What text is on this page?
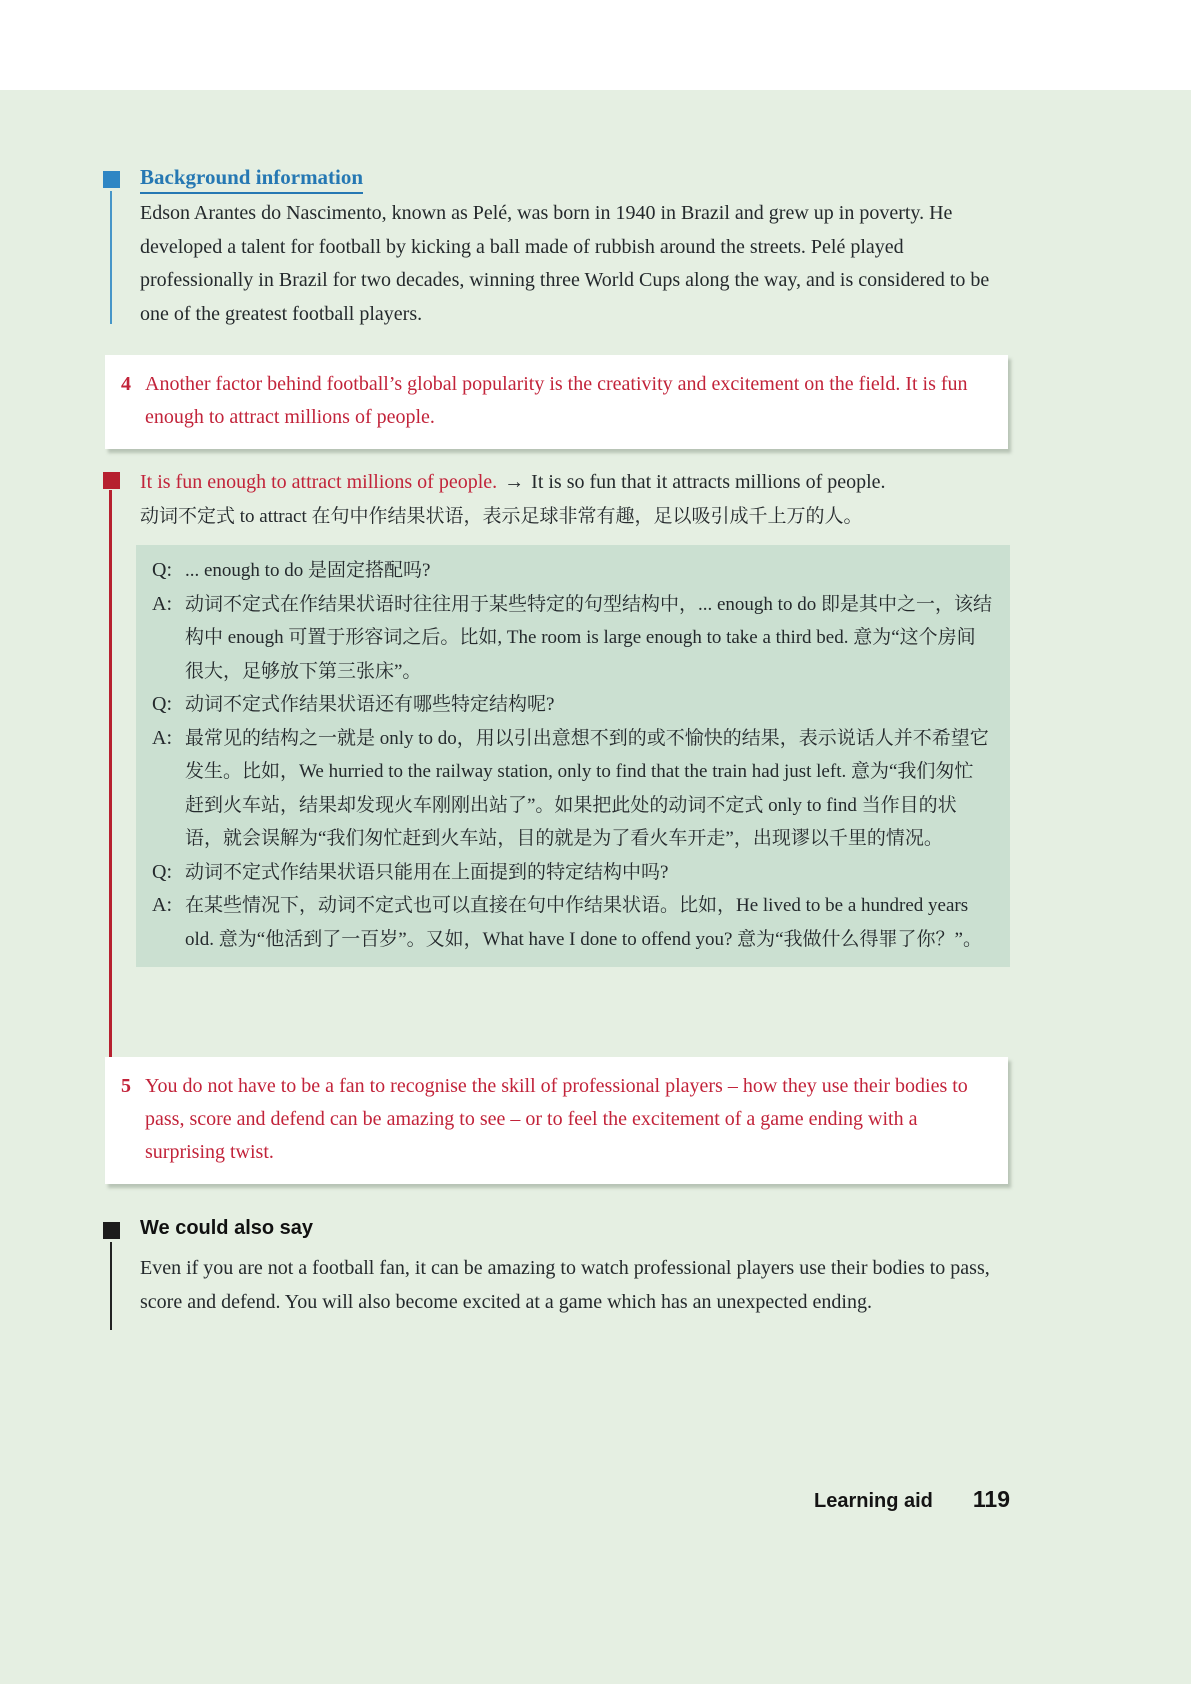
Background information
Edson Arantes do Nascimento, known as Pelé, was born in 1940 in Brazil and grew up in poverty. He developed a talent for football by kicking a ball made of rubbish around the streets. Pelé played professionally in Brazil for two decades, winning three World Cups along the way, and is considered to be one of the greatest football players.
4 Another factor behind football’s global popularity is the creativity and excitement on the field. It is fun enough to attract millions of people.
It is fun enough to attract millions of people. → It is so fun that it attracts millions of people.
动词不定式 to attract 在句中作结果状语，表示足球非常有趣，足以吸引成千上万的人。
Q: ... enough to do 是固定搭配吗?
A: 动词不定式在作结果状语时往往用于某些特定的句型结构中，... enough to do 即是其中之一，该结构中 enough 可置于形容词之后。比如, The room is large enough to take a third bed. 意为“这个房间很大，足够放下第三张床”。
Q: 动词不定式作结果状语还有哪些特定结构呢?
A: 最常见的结构之一就是 only to do，用以引出意想不到的或不愉快的结果，表示说话人并不希望它发生。比如，We hurried to the railway station, only to find that the train had just left. 意为“我们匆忙赶到火车站，结果却发现火车刚刚出站了”。如果把此处的动词不定式 only to find 当作目的状语，就会误解为“我们匆忙赶到火车站，目的就是为了看火车开走”，出现谬以千里的情况。
Q: 动词不定式作结果状语只能用在上面提到的特定结构中吗?
A: 在某些情况下，动词不定式也可以直接在句中作结果状语。比如，He lived to be a hundred years old. 意为“他活到了一百岁”。又如，What have I done to offend you? 意为“我做什么得罪了你？”。
5 You do not have to be a fan to recognise the skill of professional players – how they use their bodies to pass, score and defend can be amazing to see – or to feel the excitement of a game ending with a surprising twist.
We could also say
Even if you are not a football fan, it can be amazing to watch professional players use their bodies to pass, score and defend. You will also become excited at a game which has an unexpected ending.
Learning aid 119
